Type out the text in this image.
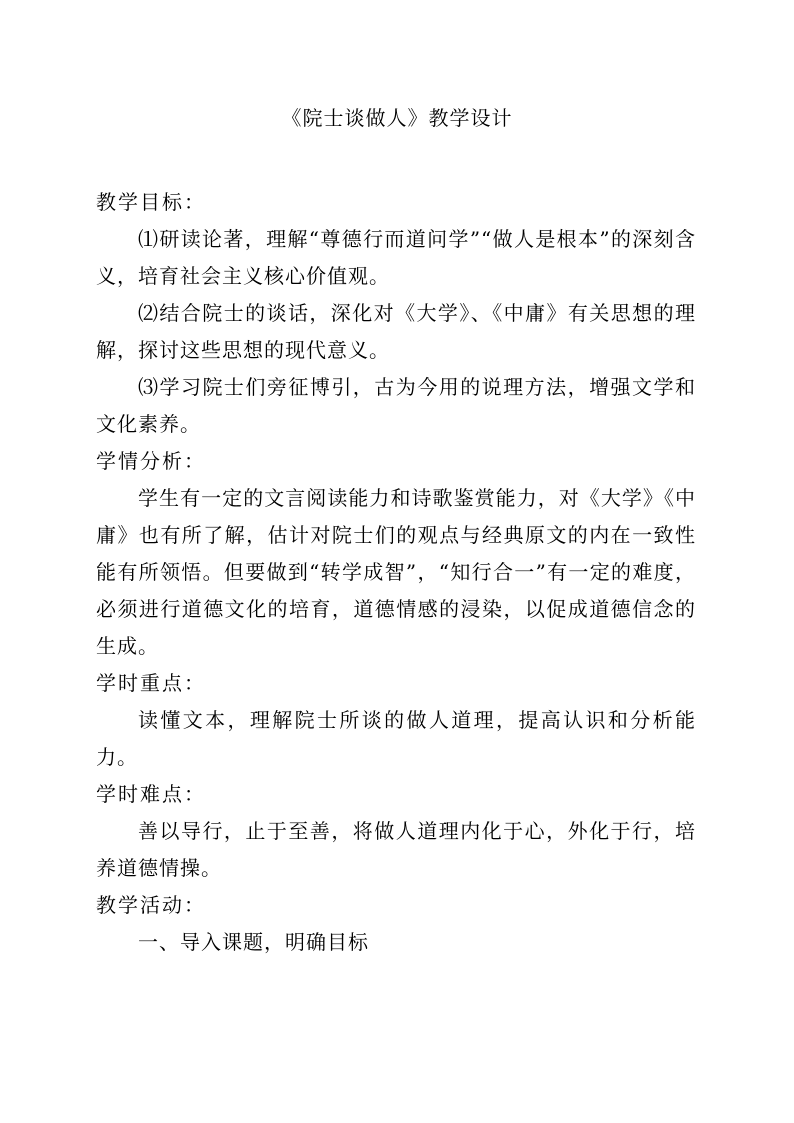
《院士谈做人》教学设计

教学目标：

⑴研读论著，理解“尊德行而道问学”“做人是根本”的深刻含义，培育社会主义核心价值观。

⑵结合院士的谈话，深化对《大学》、《中庸》有关思想的理解，探讨这些思想的现代意义。

⑶学习院士们旁征博引，古为今用的说理方法，增强文学和文化素养。

学情分析：

学生有一定的文言阅读能力和诗歌鉴赏能力，对《大学》《中庸》也有所了解，估计对院士们的观点与经典原文的内在一致性能有所领悟。但要做到“转学成智”，“知行合一”有一定的难度，必须进行道德文化的培育，道德情感的浸染，以促成道德信念的生成。

学时重点：

读懂文本，理解院士所谈的做人道理，提高认识和分析能力。

学时难点：

善以导行，止于至善，将做人道理内化于心，外化于行，培养道德情操。

教学活动：

一、导入课题，明确目标
